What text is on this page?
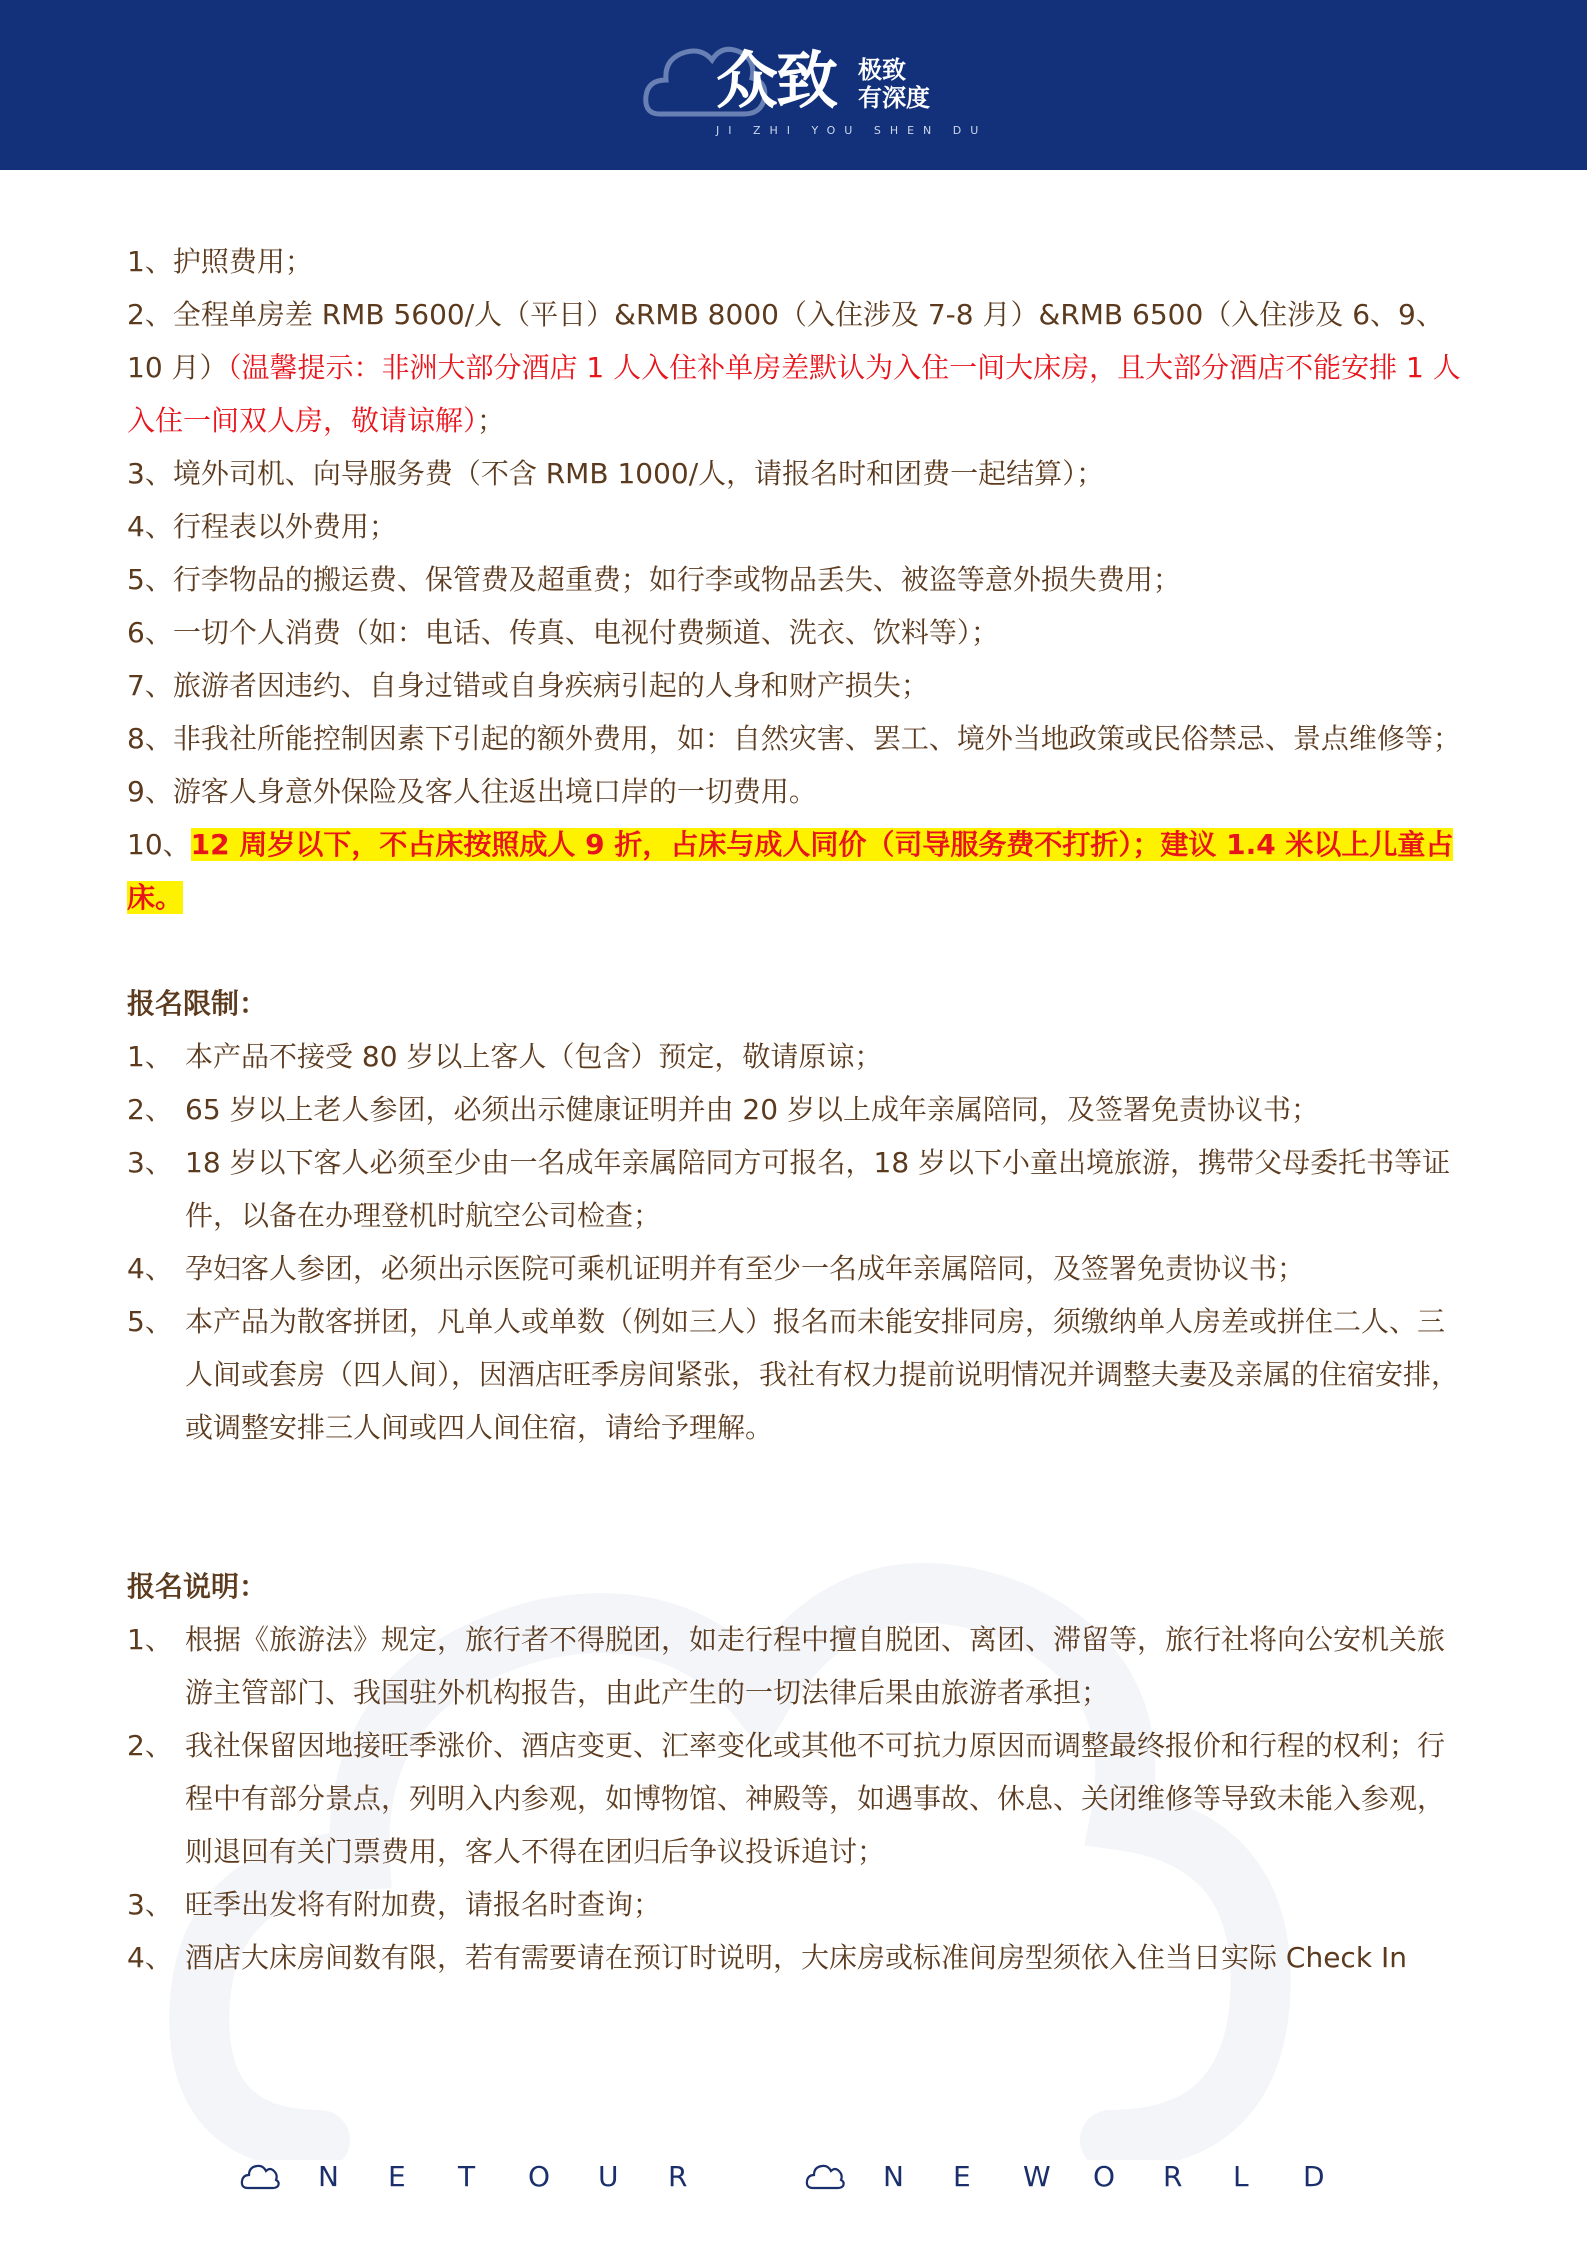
众致 极致
有深度
JI ZHI YOU SHEN DU
1、护照费用；
2、全程单房差 RMB 5600/人（平日）&RMB 8000（入住涉及 7-8 月）&RMB 6500（入住涉及 6、9、10 月）（温馨提示：非洲大部分酒店 1 人入住补单房差默认为入住一间大床房，且大部分酒店不能安排 1 人入住一间双人房，敬请谅解）；
3、境外司机、向导服务费（不含 RMB 1000/人，请报名时和团费一起结算）；
4、行程表以外费用；
5、行李物品的搬运费、保管费及超重费；如行李或物品丢失、被盗等意外损失费用；
6、一切个人消费（如：电话、传真、电视付费频道、洗衣、饮料等）；
7、旅游者因违约、自身过错或自身疾病引起的人身和财产损失；
8、非我社所能控制因素下引起的额外费用，如：自然灾害、罢工、境外当地政策或民俗禁忌、景点维修等；
9、游客人身意外保险及客人往返出境口岸的一切费用。
10、12 周岁以下，不占床按照成人 9 折，占床与成人同价（司导服务费不打折）；建议 1.4 米以上儿童占床。
报名限制：
1、 本产品不接受 80 岁以上客人（包含）预定，敬请原谅；
2、 65 岁以上老人参团，必须出示健康证明并由 20 岁以上成年亲属陪同，及签署免责协议书；
3、 18 岁以下客人必须至少由一名成年亲属陪同方可报名，18 岁以下小童出境旅游，携带父母委托书等证件，以备在办理登机时航空公司检查；
4、 孕妇客人参团，必须出示医院可乘机证明并有至少一名成年亲属陪同，及签署免责协议书；
5、 本产品为散客拼团，凡单人或单数（例如三人）报名而未能安排同房，须缴纳单人房差或拼住二人、三人间或套房（四人间），因酒店旺季房间紧张，我社有权力提前说明情况并调整夫妻及亲属的住宿安排，或调整安排三人间或四人间住宿，请给予理解。
报名说明：
1、 根据《旅游法》规定，旅行者不得脱团，如走行程中擅自脱团、离团、滞留等，旅行社将向公安机关旅游主管部门、我国驻外机构报告，由此产生的一切法律后果由旅游者承担；
2、 我社保留因地接旺季涨价、酒店变更、汇率变化或其他不可抗力原因而调整最终报价和行程的权利；行程中有部分景点，列明入内参观，如博物馆、神殿等，如遇事故、休息、关闭维修等导致未能入参观，则退回有关门票费用，客人不得在团归后争议投诉追讨；
3、 旺季出发将有附加费，请报名时查询；
4、 酒店大床房间数有限，若有需要请在预订时说明，大床房或标准间房型须依入住当日实际 Check In
N	E	T	O	U	R	N	E	W	O	R	L	D
